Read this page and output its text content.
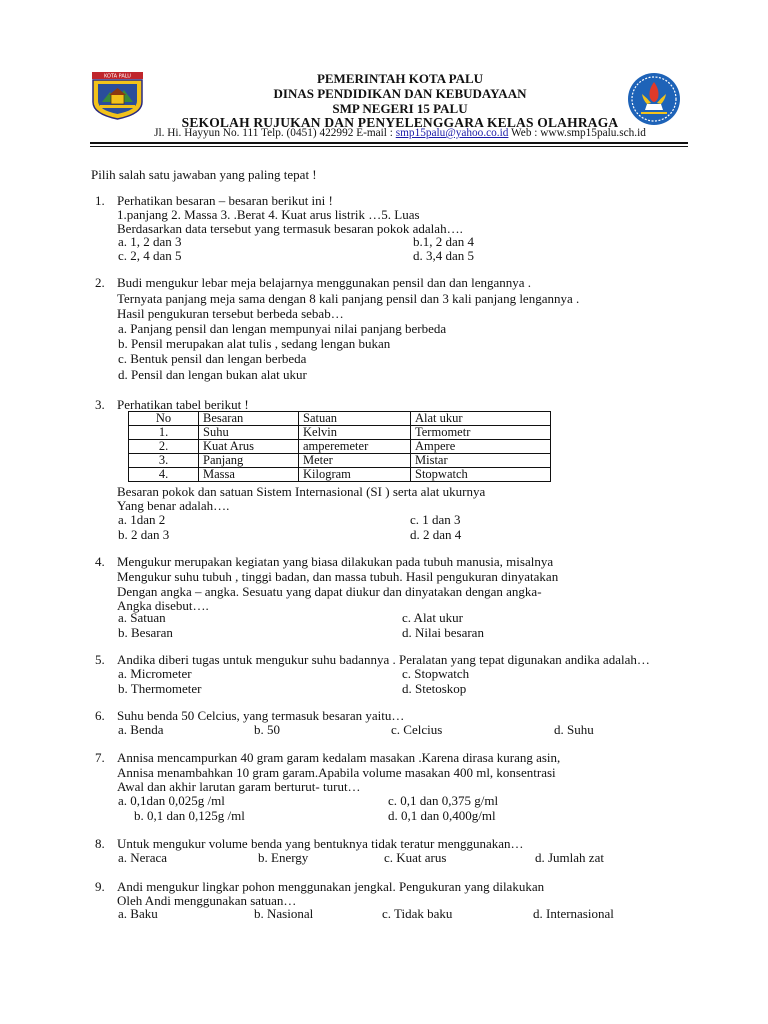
KOTA PALU	PEMERINTAH KOTA PALU
DINAS PENDIDIKAN DAN KEBUDAYAAN
SMP NEGERI 15 PALU
SEKOLAH RUJUKAN DAN PENYELENGGARA KELAS OLAHRAGA
Jl. Hi. Hayyun No. 111 Telp. (0451) 422992 E-mail : smp15palu@yahoo.co.id Web : www.smp15palu.sch.id
Pilih salah satu jawaban yang paling tepat !
1. Perhatikan besaran – besaran berikut ini !
1.panjang 2. Massa 3. .Berat 4. Kuat arus listrik …5. Luas
Berdasarkan data tersebut yang termasuk besaran pokok adalah….
a. 1, 2 dan 3	b.1, 2 dan 4
c. 2, 4 dan 5	d. 3,4 dan 5
2. Budi mengukur lebar meja belajarnya menggunakan pensil dan dan lengannya .
Ternyata panjang meja sama dengan 8 kali panjang pensil dan 3 kali panjang lengannya .
Hasil pengukuran tersebut berbeda sebab…
a. Panjang pensil dan lengan mempunyai nilai panjang berbeda
b. Pensil merupakan alat tulis , sedang lengan bukan
c. Bentuk pensil dan lengan berbeda
d. Pensil dan lengan bukan alat ukur
3. Perhatikan tabel berikut !
No	Besaran	Satuan	Alat ukur
1.	Suhu	Kelvin	Termometr
2.	Kuat Arus	amperemeter	Ampere
3.	Panjang	Meter	Mistar
4.	Massa	Kilogram	Stopwatch
Besaran pokok dan satuan Sistem Internasional (SI ) serta alat ukurnya
Yang benar adalah….
a. 1dan 2	c. 1 dan 3
b. 2 dan 3	d. 2 dan 4
4. Mengukur merupakan kegiatan yang biasa dilakukan pada tubuh manusia, misalnya
Mengukur suhu tubuh , tinggi badan, dan massa tubuh. Hasil pengukuran dinyatakan
Dengan angka – angka. Sesuatu yang dapat diukur dan dinyatakan dengan angka-
Angka disebut….
a. Satuan	c. Alat ukur
b. Besaran	d. Nilai besaran
5. Andika diberi tugas untuk mengukur suhu badannya . Peralatan yang tepat digunakan andika adalah…
a. Micrometer	c. Stopwatch
b. Thermometer	d. Stetoskop
6. Suhu benda 50 Celcius, yang termasuk besaran yaitu…
a. Benda	b. 50	c. Celcius	d. Suhu
7. Annisa mencampurkan 40 gram garam kedalam masakan .Karena dirasa kurang asin,
Annisa menambahkan 10 gram garam.Apabila volume masakan 400 ml, konsentrasi
Awal dan akhir larutan garam berturut- turut…
a. 0,1dan 0,025g /ml	c. 0,1 dan 0,375 g/ml
b. 0,1 dan 0,125g /ml	d. 0,1 dan 0,400g/ml
8. Untuk mengukur volume benda yang bentuknya tidak teratur menggunakan…
a. Neraca	b. Energy	c. Kuat arus	d. Jumlah zat
9. Andi mengukur lingkar pohon menggunakan jengkal. Pengukuran yang dilakukan
Oleh Andi menggunakan satuan…
a. Baku	b. Nasional	c. Tidak baku	d. Internasional
